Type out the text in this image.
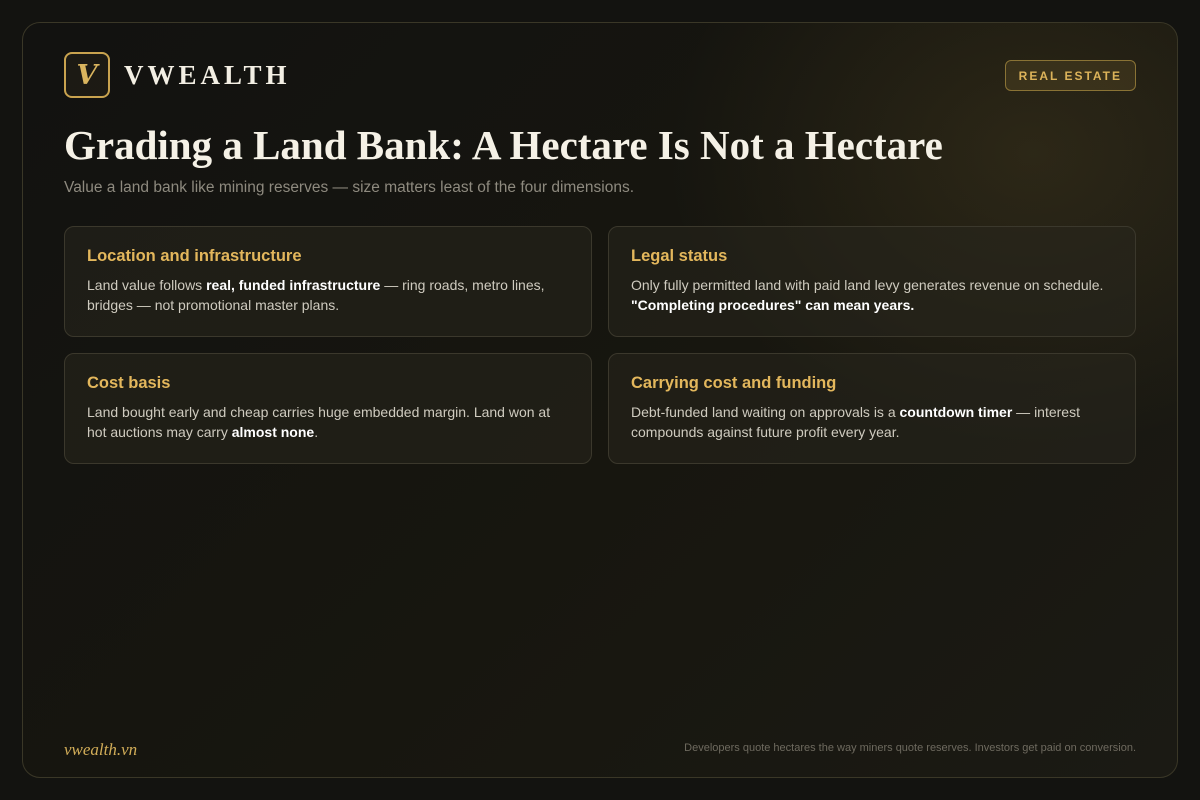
V VWEALTH	REAL ESTATE
Grading a Land Bank: A Hectare Is Not a Hectare
Value a land bank like mining reserves — size matters least of the four dimensions.
Location and infrastructure
Land value follows real, funded infrastructure — ring roads, metro lines, bridges — not promotional master plans.
Legal status
Only fully permitted land with paid land levy generates revenue on schedule. "Completing procedures" can mean years.
Cost basis
Land bought early and cheap carries huge embedded margin. Land won at hot auctions may carry almost none.
Carrying cost and funding
Debt-funded land waiting on approvals is a countdown timer — interest compounds against future profit every year.
vwealth.vn	Developers quote hectares the way miners quote reserves. Investors get paid on conversion.
